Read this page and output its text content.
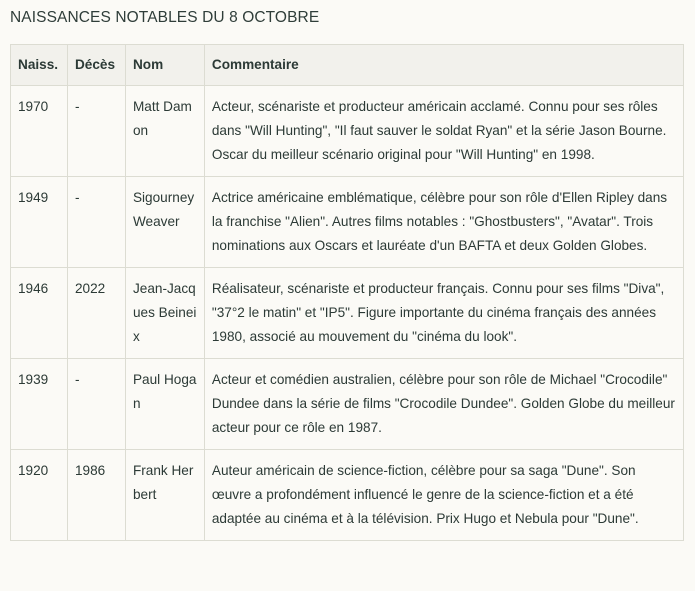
NAISSANCES NOTABLES DU 8 OCTOBRE
Naiss.	Décès	Nom	Commentaire
1970	-	Matt Damon	Acteur, scénariste et producteur américain acclamé. Connu pour ses rôles dans "Will Hunting", "Il faut sauver le soldat Ryan" et la série Jason Bourne. Oscar du meilleur scénario original pour "Will Hunting" en 1998.
1949	-	Sigourney Weaver	Actrice américaine emblématique, célèbre pour son rôle d'Ellen Ripley dans la franchise "Alien". Autres films notables : "Ghostbusters", "Avatar". Trois nominations aux Oscars et lauréate d'un BAFTA et deux Golden Globes.
1946	2022	Jean-Jacques Beineix	Réalisateur, scénariste et producteur français. Connu pour ses films "Diva", "37°2 le matin" et "IP5". Figure importante du cinéma français des années 1980, associé au mouvement du "cinéma du look".
1939	-	Paul Hogan	Acteur et comédien australien, célèbre pour son rôle de Michael "Crocodile" Dundee dans la série de films "Crocodile Dundee". Golden Globe du meilleur acteur pour ce rôle en 1987.
1920	1986	Frank Herbert	Auteur américain de science-fiction, célèbre pour sa saga "Dune". Son œuvre a profondément influencé le genre de la science-fiction et a été adaptée au cinéma et à la télévision. Prix Hugo et Nebula pour "Dune".
